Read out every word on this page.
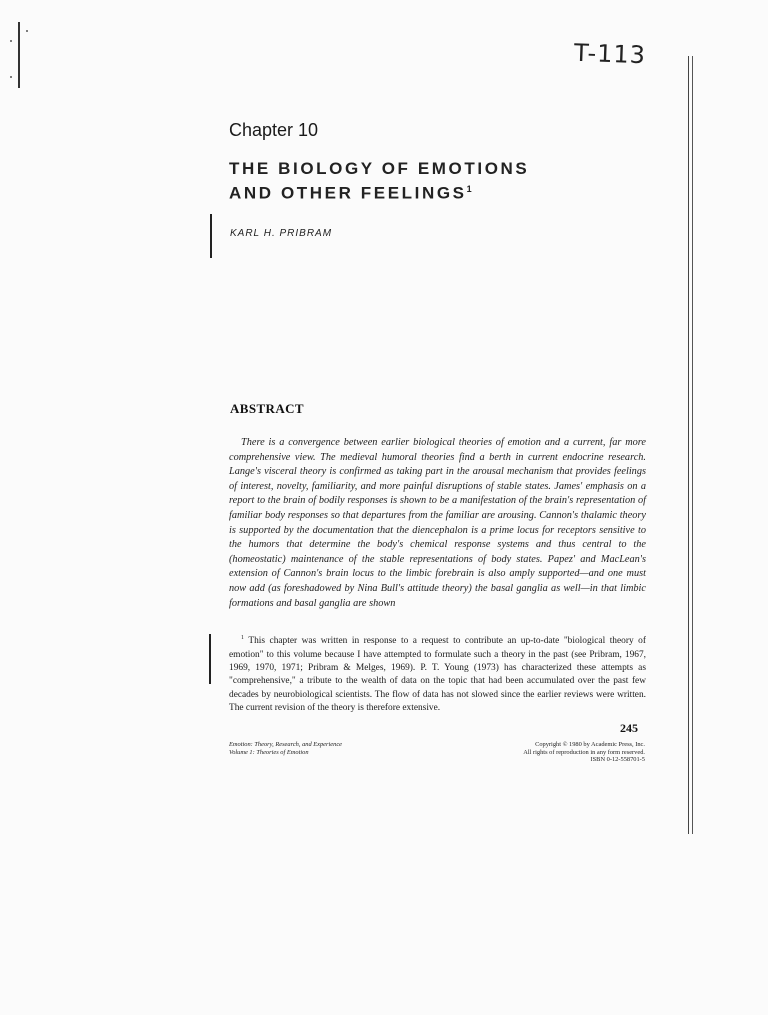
T-113
Chapter 10
THE BIOLOGY OF EMOTIONS
AND OTHER FEELINGS$^1$
KARL H. PRIBRAM
ABSTRACT

There is a convergence between earlier biological theories of emotion and a current, far more comprehensive view. The medieval humoral theories find a berth in current endocrine research. Lange's visceral theory is confirmed as taking part in the arousal mechanism that provides feelings of interest, novelty, familiarity, and more painful disruptions of stable states. James' emphasis on a report to the brain of bodily responses is shown to be a manifestation of the brain's representation of familiar body responses so that departures from the familiar are arousing. Cannon's thalamic theory is supported by the documentation that the diencephalon is a prime locus for receptors sensitive to the humors that determine the body's chemical response systems and thus central to the (homeostatic) maintenance of the stable representations of body states. Papez' and MacLean's extension of Cannon's brain locus to the limbic forebrain is also amply supported—and one must now add (as foreshadowed by Nina Bull's attitude theory) the basal ganglia as well—in that limbic formations and basal ganglia are shown

$^1$ This chapter was written in response to a request to contribute an up-to-date "biological theory of emotion" to this volume because I have attempted to formulate such a theory in the past (see Pribram, 1967, 1969, 1970, 1971; Pribram & Melges, 1969). P. T. Young (1973) has characterized these attempts as "comprehensive," a tribute to the wealth of data on the topic that had been accumulated over the past few decades by neurobiological scientists. The flow of data has not slowed since the earlier reviews were written. The current revision of the theory is therefore extensive.

245
Emotion: Theory, Research, and Experience
Volume 1: Theories of Emotion
Copyright © 1980 by Academic Press, Inc.
All rights of reproduction in any form reserved.
ISBN 0-12-558701-5
